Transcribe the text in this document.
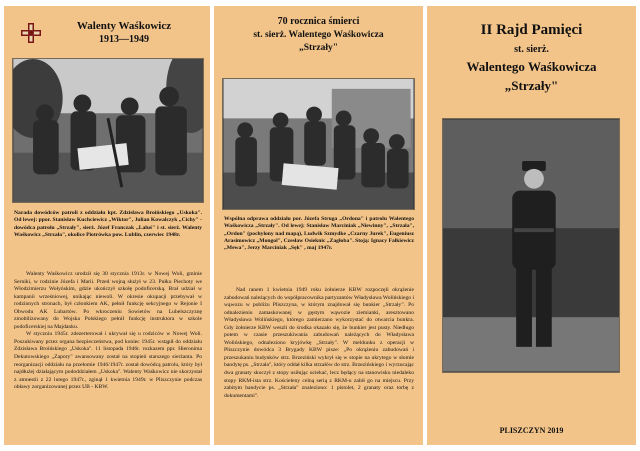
Walenty Waśkowicz
1913—1949
Narada dowódców patroli z oddziału kpt. Zdzisława Broińskiego „Uskoka". Od lewej: ppor. Stanisław Kuchciewicz „Wiktor", Julian Kowalczyk „Cichy" - dowódca patrolu „Strzały", sierż. Józef Franczak „Laluś" i st. sierż. Walenty Waśkowicz „Strzała", okolice Piotrówka pow. Lublin, czerwiec 1948r.

Walenty Waśkowicz urodził się 30 stycznia 1913r. w Nowej Woli, gminie Serniki, w rodzinie Józefa i Marii. Przed wojną służył w 23. Pułku Piechoty we Włodzimierzu Wołyńskim, gdzie ukończył szkołę podoficerską. Brał udział w kampanii wrześniowej, unikając niewoli. W okresie okupacji przebywał w rodzinnych stronach, był członkiem AK, pełnił funkcję sekcyjnego w Rejonie I Obwodu AK Lubartów. Po wkroczeniu Sowietów na Lubelszczyznę zmobilizowany do Wojska Polskiego pełnił funkcję instruktora w szkole podoficerskiej na Majdanku.

W styczniu 1945r. zdezerterował i ukrywał się u rodziców w Nowej Woli. Poszukiwany przez organa bezpieczeństwa, pod koniec 1945r. wstąpił do oddziału Zdzisława Broińskiego „Uskoka". 11 listopada 1946r. rozkazem ppr. Hieronima Dekutowskiego „Zapory" awansowany został na stopień starszego sierżanta. Po reorganizacji oddziału na przełomie 1946/1947r. został dowódcą patrolu, który był najdłużej działającym pododdziałem „Uskoka". Walenty Waśkowicz nie skorzystał z amnestii z 22 lutego 1947r., zginął 1 kwietnia 1949r. w Pliszczynie podczas obławy zorganizowanej przez UB - KBW.

70 rocznica śmierci
st. sierż. Walentego Waśkowicza
„Strzały"
Wspólna odprawa oddziału por. Józefa Struga „Ordona" i patrolu Walentego Waśkowicza „Strzały". Od lewej: Stanisław Marciniak „Niewinny", „Strzała", „Ordon" (pochylony nad mapą), Ludwik Szmydke „Czarny Jurek", Eugeniusz Arasimowicz „Mongol", Czesław Osieknic „Zagłoba". Stoją: Ignacy Falkiewicz „Mewa", Jerzy Marciniak „Sęk" , maj 1947r.

Nad ranem 1 kwietnia 1949 roku żołnierze KBW rozpoczęli okrążenie zabudowań należących do współpracownika partyzantów Władysława Wolińskiego i wąwozu w pobliżu Pliszczyna, w którym znajdował się bunkier „Strzały". Po odnalezieniu zamaskowanej w gęstym wąwozie ziemianki, aresztowano Władysława Wolińskiego, którego zamierzano wykorzystać do otwarcia bunkra. Gdy żołnierze KBW weszli do środka okazało się, że bunkier jest pusty. Niedługo potem w czasie przeszukiwania zabudowań należących do Władysława Wolińskiego, odnaleziono kryjówkę „Strzały". W meldunku z operacji w Pliszczynie dowódca 3 Brygady KBW pisze: „Po okrążeniu zabudowań i przeszukaniu budynków strz. Brzeziński wykrył się w stopie na ukrytego w słomie bandytę ps. „Strzała", który oddał kilka strzałów do strz. Brzezińskiego i wyrzucając dwa granaty skoczył z stopy usiłując uciekać, lecz będący na stanowisku niedaleko stopy RKM-ista strz. Kościeleny celną serią z RKM-u zabił go na miejscu. Przy zabitym bandycie ps. „Strzała" znaleziono: 1 pistolet, 2 granaty oraz torbę z dokumentami".

II Rajd Pamięci
st. sierż.
Walentego Waśkowicza
„Strzały"
PLISZCZYN 2019
